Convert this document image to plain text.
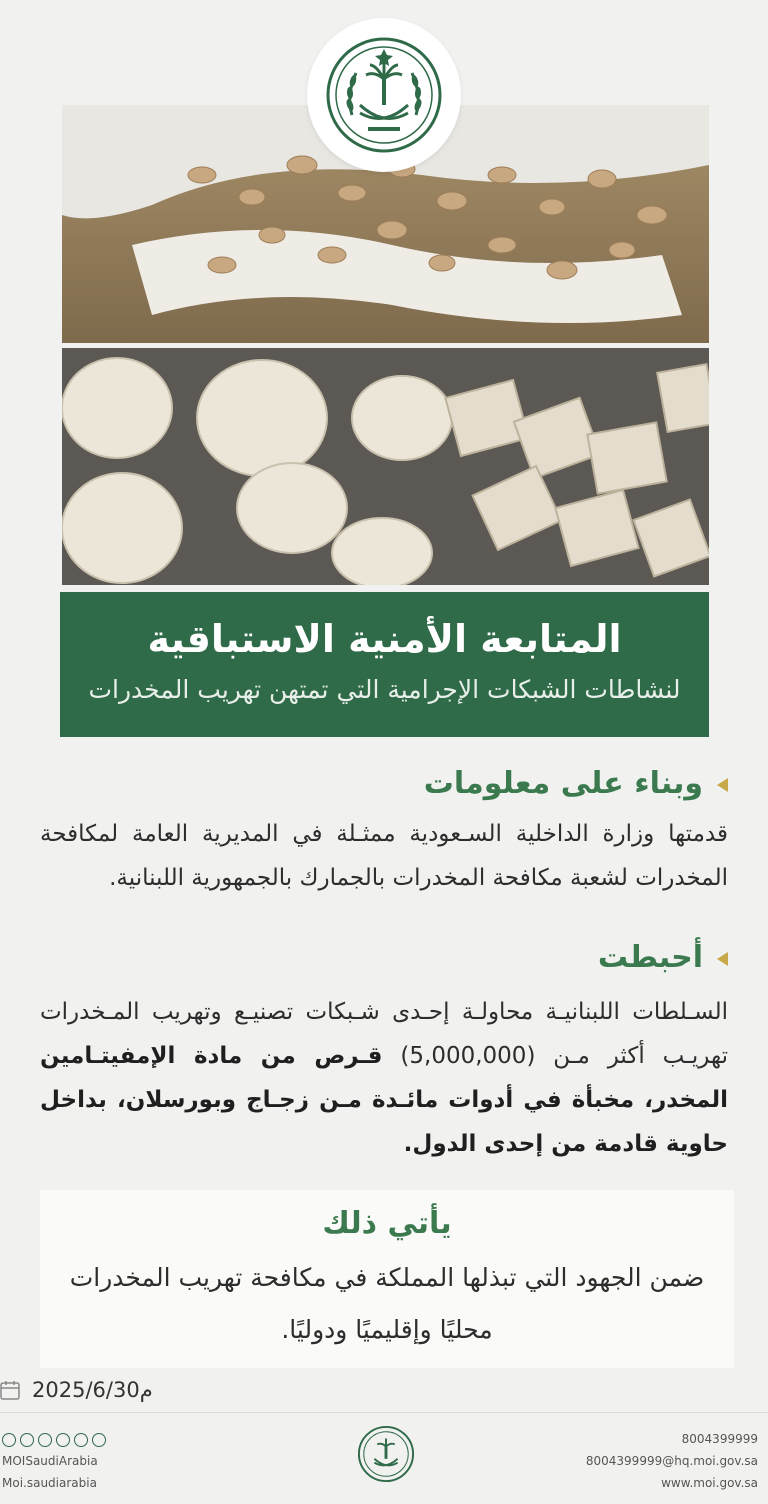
المتابعة الأمنية الاستباقية
لنشاطات الشبكات الإجرامية التي تمتهن تهريب المخدرات
وبناء على معلومات
قدمتها وزارة الداخلية السـعودية ممثـلة في المديرية العامة لمكافحة المخدرات لشعبة مكافحة المخدرات بالجمارك بالجمهورية اللبنانية.
أحبطت
السـلطات اللبنانيـة محاولـة إحـدى شـبكات تصنيـع وتهريب المـخدرات تهريـب أكثر مـن (5,000,000) قـرص من مادة الإمفيتـامين المخدر، مخبأة في أدوات مائـدة مـن زجـاج وبورسلان، بداخل حاوية قادمة من إحدى الدول.
يأتي ذلك
ضمن الجهود التي تبذلها المملكة في مكافحة تهريب المخدرات محليًا وإقليميًا ودوليًا.
2025/6/30م
MOISaudiArabia
Moi.saudiarabia
8004399999
8004399999@hq.moi.gov.sa
www.moi.gov.sa
